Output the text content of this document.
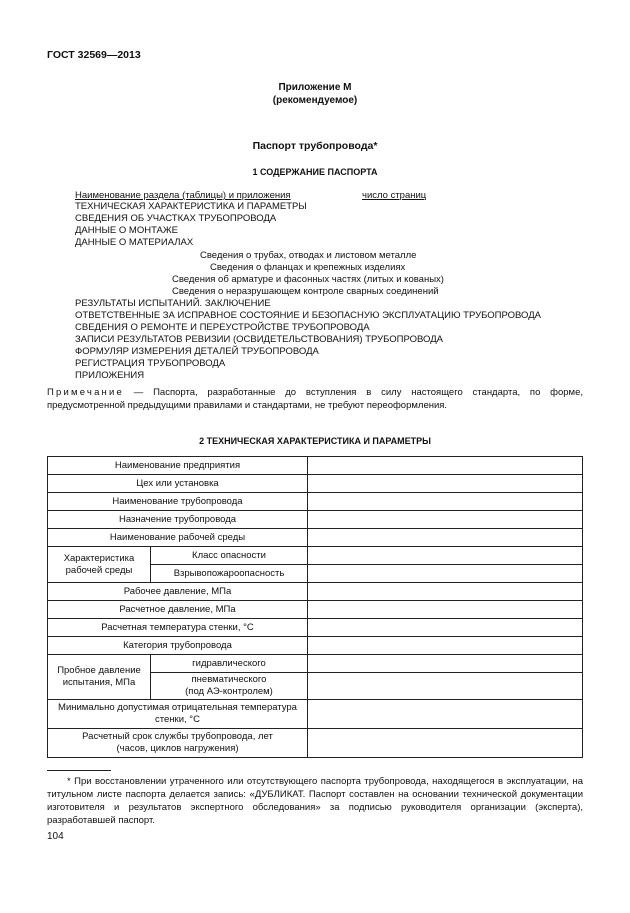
ГОСТ 32569—2013
Приложение М
(рекомендуемое)
Паспорт трубопровода*
1 СОДЕРЖАНИЕ ПАСПОРТА
Наименование раздела (таблицы) и приложения	число страниц
ТЕХНИЧЕСКАЯ ХАРАКТЕРИСТИКА И ПАРАМЕТРЫ
СВЕДЕНИЯ ОБ УЧАСТКАХ ТРУБОПРОВОДА
ДАННЫЕ О МОНТАЖЕ
ДАННЫЕ О МАТЕРИАЛАХ
Сведения о трубах, отводах и листовом металле
Сведения о фланцах и крепежных изделиях
Сведения об арматуре и фасонных частях (литых и кованых)
Сведения о неразрушающем контроле сварных соединений
РЕЗУЛЬТАТЫ ИСПЫТАНИЙ. ЗАКЛЮЧЕНИЕ
ОТВЕТСТВЕННЫЕ ЗА ИСПРАВНОЕ СОСТОЯНИЕ И БЕЗОПАСНУЮ ЭКСПЛУАТАЦИЮ ТРУБОПРОВОДА
СВЕДЕНИЯ О РЕМОНТЕ И ПЕРЕУСТРОЙСТВЕ ТРУБОПРОВОДА
ЗАПИСИ РЕЗУЛЬТАТОВ РЕВИЗИИ (ОСВИДЕТЕЛЬСТВОВАНИЯ) ТРУБОПРОВОДА
ФОРМУЛЯР ИЗМЕРЕНИЯ ДЕТАЛЕЙ ТРУБОПРОВОДА
РЕГИСТРАЦИЯ ТРУБОПРОВОДА
ПРИЛОЖЕНИЯ
Примечание — Паспорта, разработанные до вступления в силу настоящего стандарта, по форме, предусмотренной предыдущими правилами и стандартами, не требуют переоформления.
2 ТЕХНИЧЕСКАЯ ХАРАКТЕРИСТИКА И ПАРАМЕТРЫ
Наименование предприятия		
Цех или установка		
Наименование трубопровода		
Назначение трубопровода		
Наименование рабочей среды		
Характеристика рабочей среды	Класс опасности	
	Взрывопожароопасность	
Рабочее давление, МПа		
Расчетное давление, МПа		
Расчетная температура стенки, °С		
Категория трубопровода		
Пробное давление испытания, МПа	гидравлического	

	пневматического
(под АЭ-контролем)	

Минимально допустимая отрицательная температура стенки, °С		

Расчетный срок службы трубопровода, лет
(часов, циклов нагружения)		

* При восстановлении утраченного или отсутствующего паспорта трубопровода, находящегося в эксплуатации, на титульном листе паспорта делается запись: «ДУБЛИКАТ. Паспорт составлен на основании технической документации изготовителя и результатов экспертного обследования» за подписью руководителя организации (эксперта), разработавшей паспорт.
104
